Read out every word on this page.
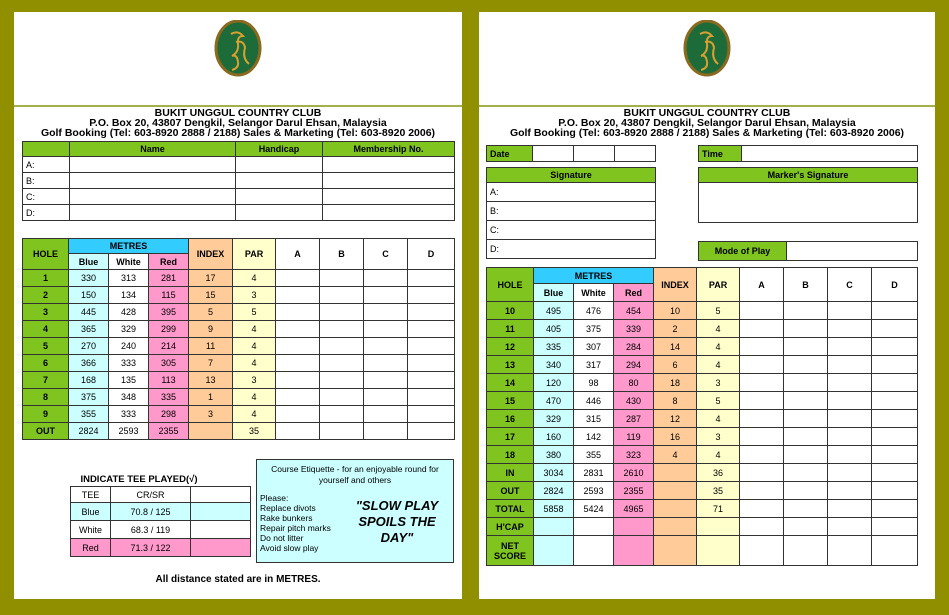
BUKIT UNGGUL COUNTRY CLUB
P.O. Box 20, 43807 Dengkil, Selangor Darul Ehsan, Malaysia
Golf Booking (Tel: 603-8920 2888 / 2188) Sales & Marketing (Tel: 603-8920 2006)
	Name	Handicap	Membership No.
A:			
B:			
C:			
D:			
HOLE	METRES			INDEX	PAR	A	B	C	D
	Blue	White	Red						
1	330	313	281	17	4				
2	150	134	115	15	3				
3	445	428	395	5	5				
4	365	329	299	9	4				
5	270	240	214	11	4				
6	366	333	305	7	4				
7	168	135	113	13	3				
8	375	348	335	1	4				
9	355	333	298	3	4				
OUT	2824	2593	2355		35				
INDICATE TEE PLAYED(√)
TEE	CR/SR	
Blue	70.8 / 125	
White	68.3 / 119	
Red	71.3 / 122	
Course Etiquette - for an enjoyable round for yourself and others
Please:
Replace divots
Rake bunkers
Repair pitch marks
Do not litter
Avoid slow play
"SLOW PLAY
SPOILS THE
DAY"
All distance stated are in METRES.
BUKIT UNGGUL COUNTRY CLUB
P.O. Box 20, 43807 Dengkil, Selangor Darul Ehsan, Malaysia
Golf Booking (Tel: 603-8920 2888 / 2188) Sales & Marketing (Tel: 603-8920 2006)
Date				Time	
Signature
A:
B:
C:
D:
Marker's Signature

Mode of Play	
HOLE	METRES			INDEX	PAR	A	B	C	D
	Blue	White	Red						
10	495	476	454	10	5				
11	405	375	339	2	4				
12	335	307	284	14	4				
13	340	317	294	6	4				
14	120	98	80	18	3				
15	470	446	430	8	5				
16	329	315	287	12	4				
17	160	142	119	16	3				
18	380	355	323	4	4				
IN	3034	2831	2610		36				
OUT	2824	2593	2355		35				
TOTAL	5858	5424	4965		71				
H'CAP									
NET SCORE									
